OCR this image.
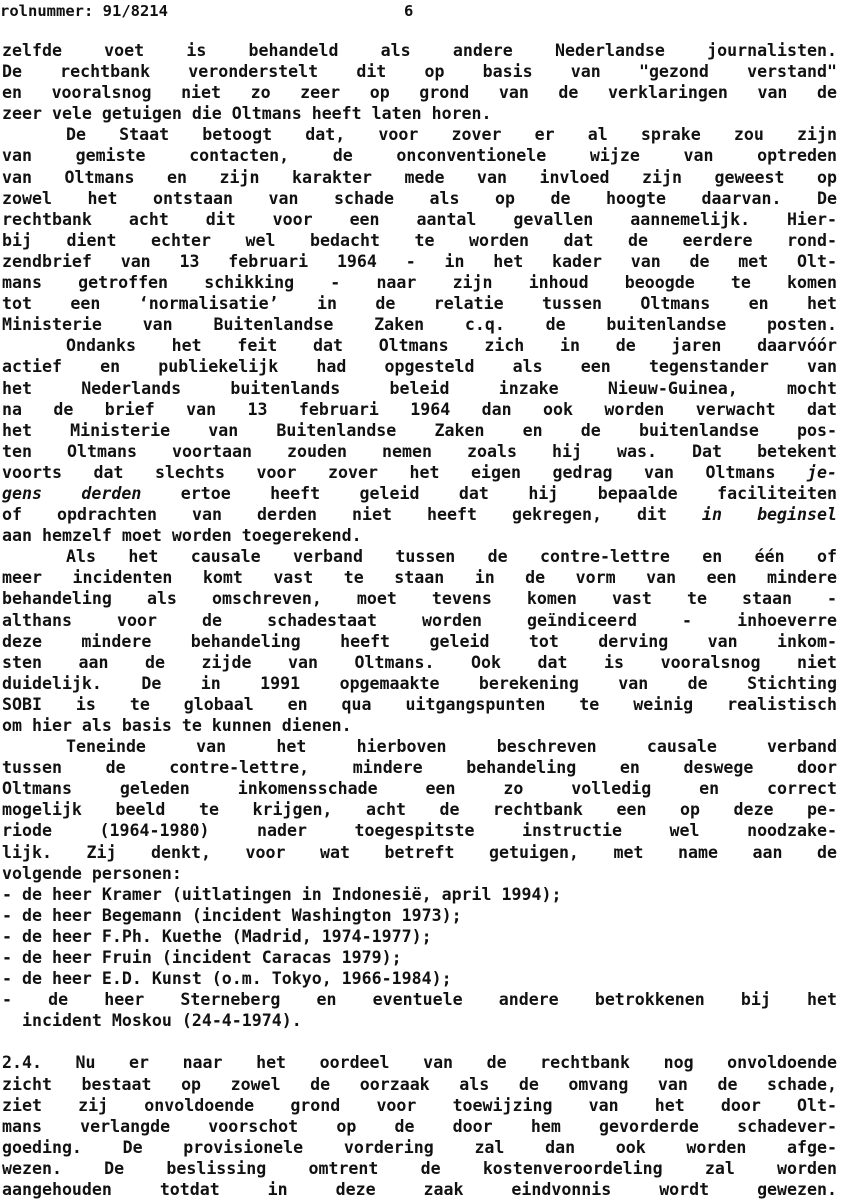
rolnummer: 91/8214

	6

zelfde voet is behandeld als andere Nederlandse journalisten.
De rechtbank veronderstelt dit op basis van "gezond verstand"
en vooralsnog niet zo zeer op grond van de verklaringen van de
zeer vele getuigen die Oltmans heeft laten horen.
De Staat betoogt dat, voor zover er al sprake zou zijn
van gemiste contacten, de onconventionele wijze van optreden
van Oltmans en zijn karakter mede van invloed zijn geweest op
zowel het ontstaan van schade als op de hoogte daarvan. De
rechtbank acht dit voor een aantal gevallen aannemelijk. Hier-
bij dient echter wel bedacht te worden dat de eerdere rond-
zendbrief van 13 februari 1964 - in het kader van de met Olt-
mans getroffen schikking - naar zijn inhoud beoogde te komen
tot een ‘normalisatie’ in de relatie tussen Oltmans en het
Ministerie van Buitenlandse Zaken c.q. de buitenlandse posten.
Ondanks het feit dat Oltmans zich in de jaren daarvóór
actief en publiekelijk had opgesteld als een tegenstander van
het Nederlands buitenlands beleid inzake Nieuw-Guinea, mocht
na de brief van 13 februari 1964 dan ook worden verwacht dat
het Ministerie van Buitenlandse Zaken en de buitenlandse pos-
ten Oltmans voortaan zouden nemen zoals hij was. Dat betekent
voorts dat slechts voor zover het eigen gedrag van Oltmans je-
gens derden ertoe heeft geleid dat hij bepaalde faciliteiten
of opdrachten van derden niet heeft gekregen, dit in beginsel
aan hemzelf moet worden toegerekend.
Als het causale verband tussen de contre-lettre en één of
meer incidenten komt vast te staan in de vorm van een mindere
behandeling als omschreven, moet tevens komen vast te staan -
althans voor de schadestaat worden geïndiceerd - inhoeverre
deze mindere behandeling heeft geleid tot derving van inkom-
sten aan de zijde van Oltmans. Ook dat is vooralsnog niet
duidelijk. De in 1991 opgemaakte berekening van de Stichting
SOBI is te globaal en qua uitgangspunten te weinig realistisch
om hier als basis te kunnen dienen.
Teneinde van het hierboven beschreven causale verband
tussen de contre-lettre, mindere behandeling en deswege door
Oltmans geleden inkomensschade een zo volledig en correct
mogelijk beeld te krijgen, acht de rechtbank een op deze pe-
riode (1964-1980) nader toegespitste instructie wel noodzake-
lijk. Zij denkt, voor wat betreft getuigen, met name aan de
volgende personen:
- de heer Kramer (uitlatingen in Indonesië, april 1994);
- de heer Begemann (incident Washington 1973);
- de heer F.Ph. Kuethe (Madrid, 1974-1977);
- de heer Fruin (incident Caracas 1979);
- de heer E.D. Kunst (o.m. Tokyo, 1966-1984);
- de heer Sterneberg en eventuele andere betrokkenen bij het
incident Moskou (24-4-1974).
2.4. Nu er naar het oordeel van de rechtbank nog onvoldoende
zicht bestaat op zowel de oorzaak als de omvang van de schade,
ziet zij onvoldoende grond voor toewijzing van het door Olt-
mans verlangde voorschot op de door hem gevorderde schadever-
goeding. De provisionele vordering zal dan ook worden afge-
wezen. De beslissing omtrent de kostenveroordeling zal worden
aangehouden totdat in deze zaak eindvonnis wordt gewezen.
